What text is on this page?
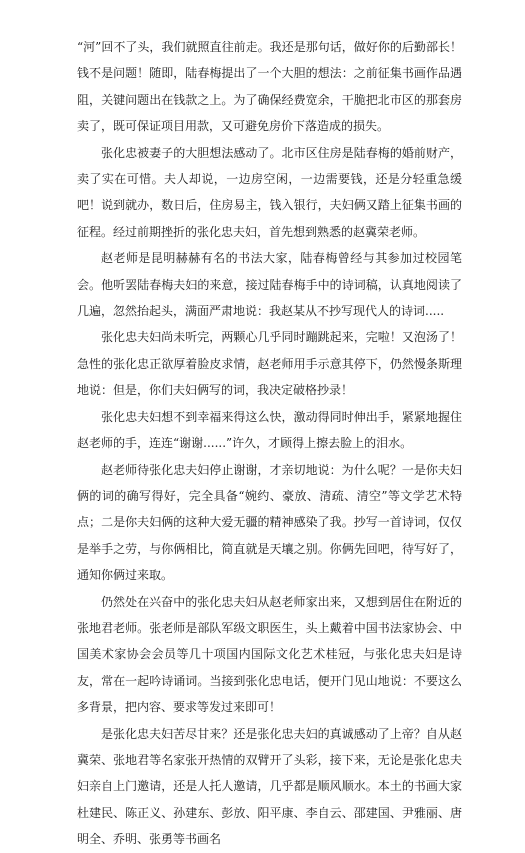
“河”回不了头，我们就照直往前走。我还是那句话，做好你的后勤部长！钱不是问题！随即，陆春梅提出了一个大胆的想法：之前征集书画作品遇阻，关键问题出在钱款之上。为了确保经费宽余，干脆把北市区的那套房卖了，既可保证项目用款，又可避免房价下落造成的损失。

张化忠被妻子的大胆想法感动了。北市区住房是陆春梅的婚前财产，卖了实在可惜。夫人却说，一边房空闲，一边需要钱，还是分轻重急缓吧！说到就办，数日后，住房易主，钱入银行，夫妇俩又踏上征集书画的征程。经过前期挫折的张化忠夫妇，首先想到熟悉的赵冀荣老师。

赵老师是昆明赫赫有名的书法大家，陆春梅曾经与其参加过校园笔会。他听罢陆春梅夫妇的来意，接过陆春梅手中的诗词稿，认真地阅读了几遍，忽然抬起头，满面严肃地说：我赵某从不抄写现代人的诗词.....

张化忠夫妇尚未听完，两颗心几乎同时蹦跳起来，完啦！又泡汤了！急性的张化忠正欲厚着脸皮求情，赵老师用手示意其停下，仍然慢条斯理地说：但是，你们夫妇俩写的词，我决定破格抄录！

张化忠夫妇想不到幸福来得这么快，激动得同时伸出手，紧紧地握住赵老师的手，连连“谢谢......”许久，才顾得上擦去脸上的泪水。

赵老师待张化忠夫妇停止谢谢，才亲切地说：为什么呢？一是你夫妇俩的词的确写得好，完全具备“婉约、豪放、清疏、清空”等文学艺术特点；二是你夫妇俩的这种大爱无疆的精神感染了我。抄写一首诗词，仅仅是举手之劳，与你俩相比，简直就是天壤之别。你俩先回吧，待写好了，通知你俩过来取。

仍然处在兴奋中的张化忠夫妇从赵老师家出来，又想到居住在附近的张地君老师。张老师是部队军级文职医生，头上戴着中国书法家协会、中国美术家协会会员等几十项国内国际文化艺术桂冠，与张化忠夫妇是诗友，常在一起吟诗诵词。当接到张化忠电话，便开门见山地说：不要这么多背景，把内容、要求等发过来即可！

是张化忠夫妇苦尽甘来？还是张化忠夫妇的真诚感动了上帝？自从赵冀荣、张地君等名家张开热情的双臂开了头彩，接下来，无论是张化忠夫妇亲自上门邀请，还是人托人邀请，几乎都是顺风顺水。本土的书画大家杜建民、陈正义、孙建东、彭放、阳平康、李自云、邵建国、尹雅丽、唐明全、乔明、张勇等书画名
